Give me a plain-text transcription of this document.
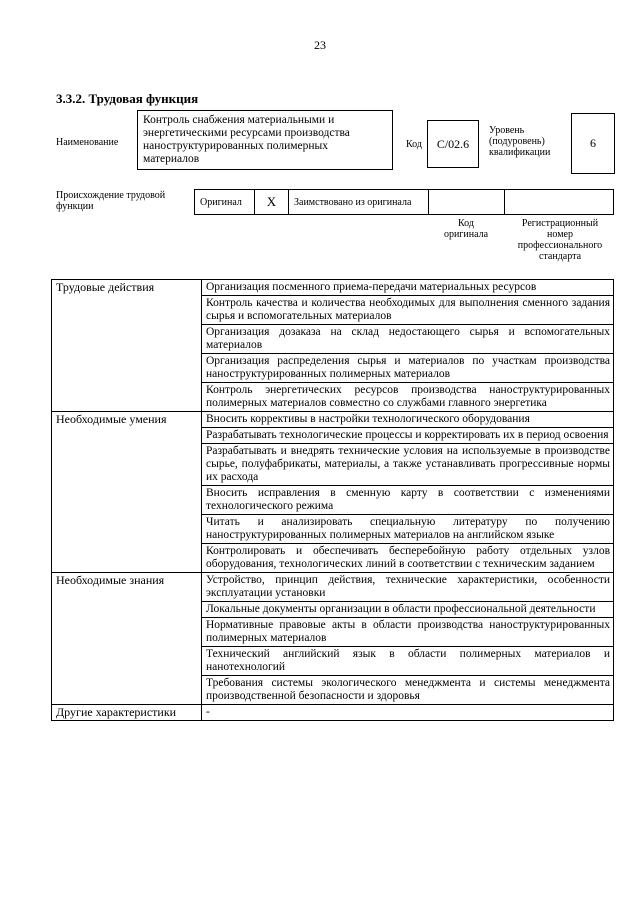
23
3.3.2. Трудовая функция
Наименование
Контроль снабжения материальными и энергетическими ресурсами производства наноструктурированных полимерных материалов
Код	С/02.6
Уровень (подуровень) квалификации
6
Происхождение трудовой функции	Оригинал	X	Заимствовано из оригинала
Код оригинала
Регистрационный номер профессионального стандарта
Трудовые действия	Организация посменного приема-передачи материальных ресурсов
	Контроль качества и количества необходимых для выполнения сменного задания сырья и вспомогательных материалов
	Организация дозаказа на склад недостающего сырья и вспомогательных материалов
	Организация распределения сырья и материалов по участкам производства наноструктурированных полимерных материалов
	Контроль энергетических ресурсов производства наноструктурированных полимерных материалов совместно со службами главного энергетика
Необходимые умения	Вносить коррективы в настройки технологического оборудования
	Разрабатывать технологические процессы и корректировать их в период освоения
	Разрабатывать и внедрять технические условия на используемые в производстве сырье, полуфабрикаты, материалы, а также устанавливать прогрессивные нормы их расхода
	Вносить исправления в сменную карту в соответствии с изменениями технологического режима
	Читать и анализировать специальную литературу по получению наноструктурированных полимерных материалов на английском языке
	Контролировать и обеспечивать бесперебойную работу отдельных узлов оборудования, технологических линий в соответствии с техническим заданием
Необходимые знания	Устройство, принцип действия, технические характеристики, особенности эксплуатации установки
	Локальные документы организации в области профессиональной деятельности
	Нормативные правовые акты в области производства наноструктурированных полимерных материалов
	Технический английский язык в области полимерных материалов и нанотехнологий
	Требования системы экологического менеджмента и системы менеджмента производственной безопасности и здоровья
Другие характеристики	-
